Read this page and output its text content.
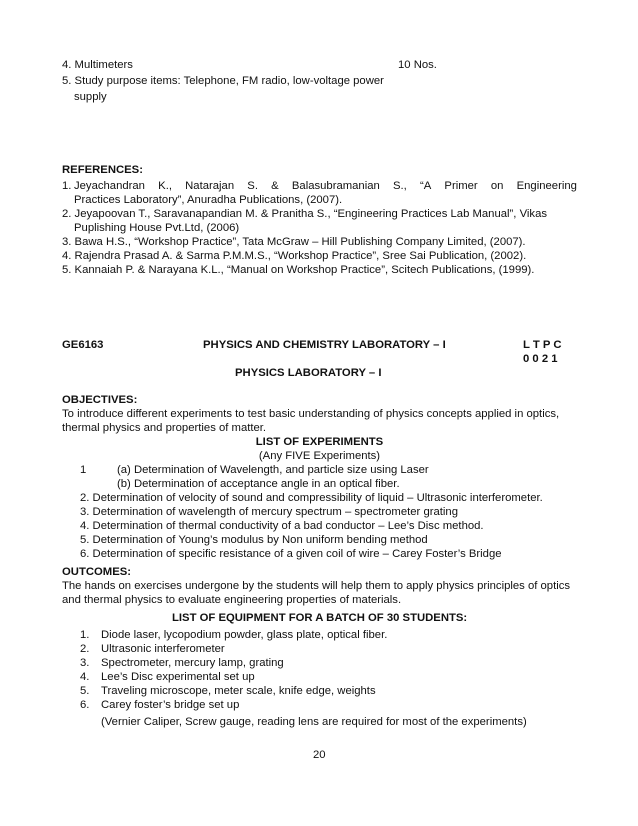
4. Multimeters	10 Nos.
5. Study purpose items: Telephone, FM radio, low-voltage power
supply
REFERENCES:
1. Jeyachandran K., Natarajan S. & Balasubramanian S., “A Primer on Engineering
Practices Laboratory”, Anuradha Publications, (2007).
2. Jeyapoovan T., Saravanapandian M. & Pranitha S., “Engineering Practices Lab Manual”, Vikas
Puplishing House Pvt.Ltd, (2006)
3. Bawa H.S., “Workshop Practice”, Tata McGraw – Hill Publishing Company Limited, (2007).
4. Rajendra Prasad A. & Sarma P.M.M.S., “Workshop Practice”, Sree Sai Publication, (2002).
5. Kannaiah P. & Narayana K.L., “Manual on Workshop Practice”, Scitech Publications, (1999).
GE6163	PHYSICS AND CHEMISTRY LABORATORY – I	L T P C
0 0 2 1
PHYSICS LABORATORY – I
OBJECTIVES:
To introduce different experiments to test basic understanding of physics concepts applied in optics,
thermal physics and properties of matter.
LIST OF EXPERIMENTS
(Any FIVE Experiments)
1	(a) Determination of Wavelength, and particle size using Laser
(b) Determination of acceptance angle in an optical fiber.
2. Determination of velocity of sound and compressibility of liquid – Ultrasonic interferometer.
3. Determination of wavelength of mercury spectrum – spectrometer grating
4. Determination of thermal conductivity of a bad conductor – Lee’s Disc method.
5. Determination of Young’s modulus by Non uniform bending method
6. Determination of specific resistance of a given coil of wire – Carey Foster’s Bridge
OUTCOMES:
The hands on exercises undergone by the students will help them to apply physics principles of optics
and thermal physics to evaluate engineering properties of materials.
LIST OF EQUIPMENT FOR A BATCH OF 30 STUDENTS:
1. Diode laser, lycopodium powder, glass plate, optical fiber.
2. Ultrasonic interferometer
3. Spectrometer, mercury lamp, grating
4. Lee’s Disc experimental set up
5. Traveling microscope, meter scale, knife edge, weights
6. Carey foster’s bridge set up
(Vernier Caliper, Screw gauge, reading lens are required for most of the experiments)
20
